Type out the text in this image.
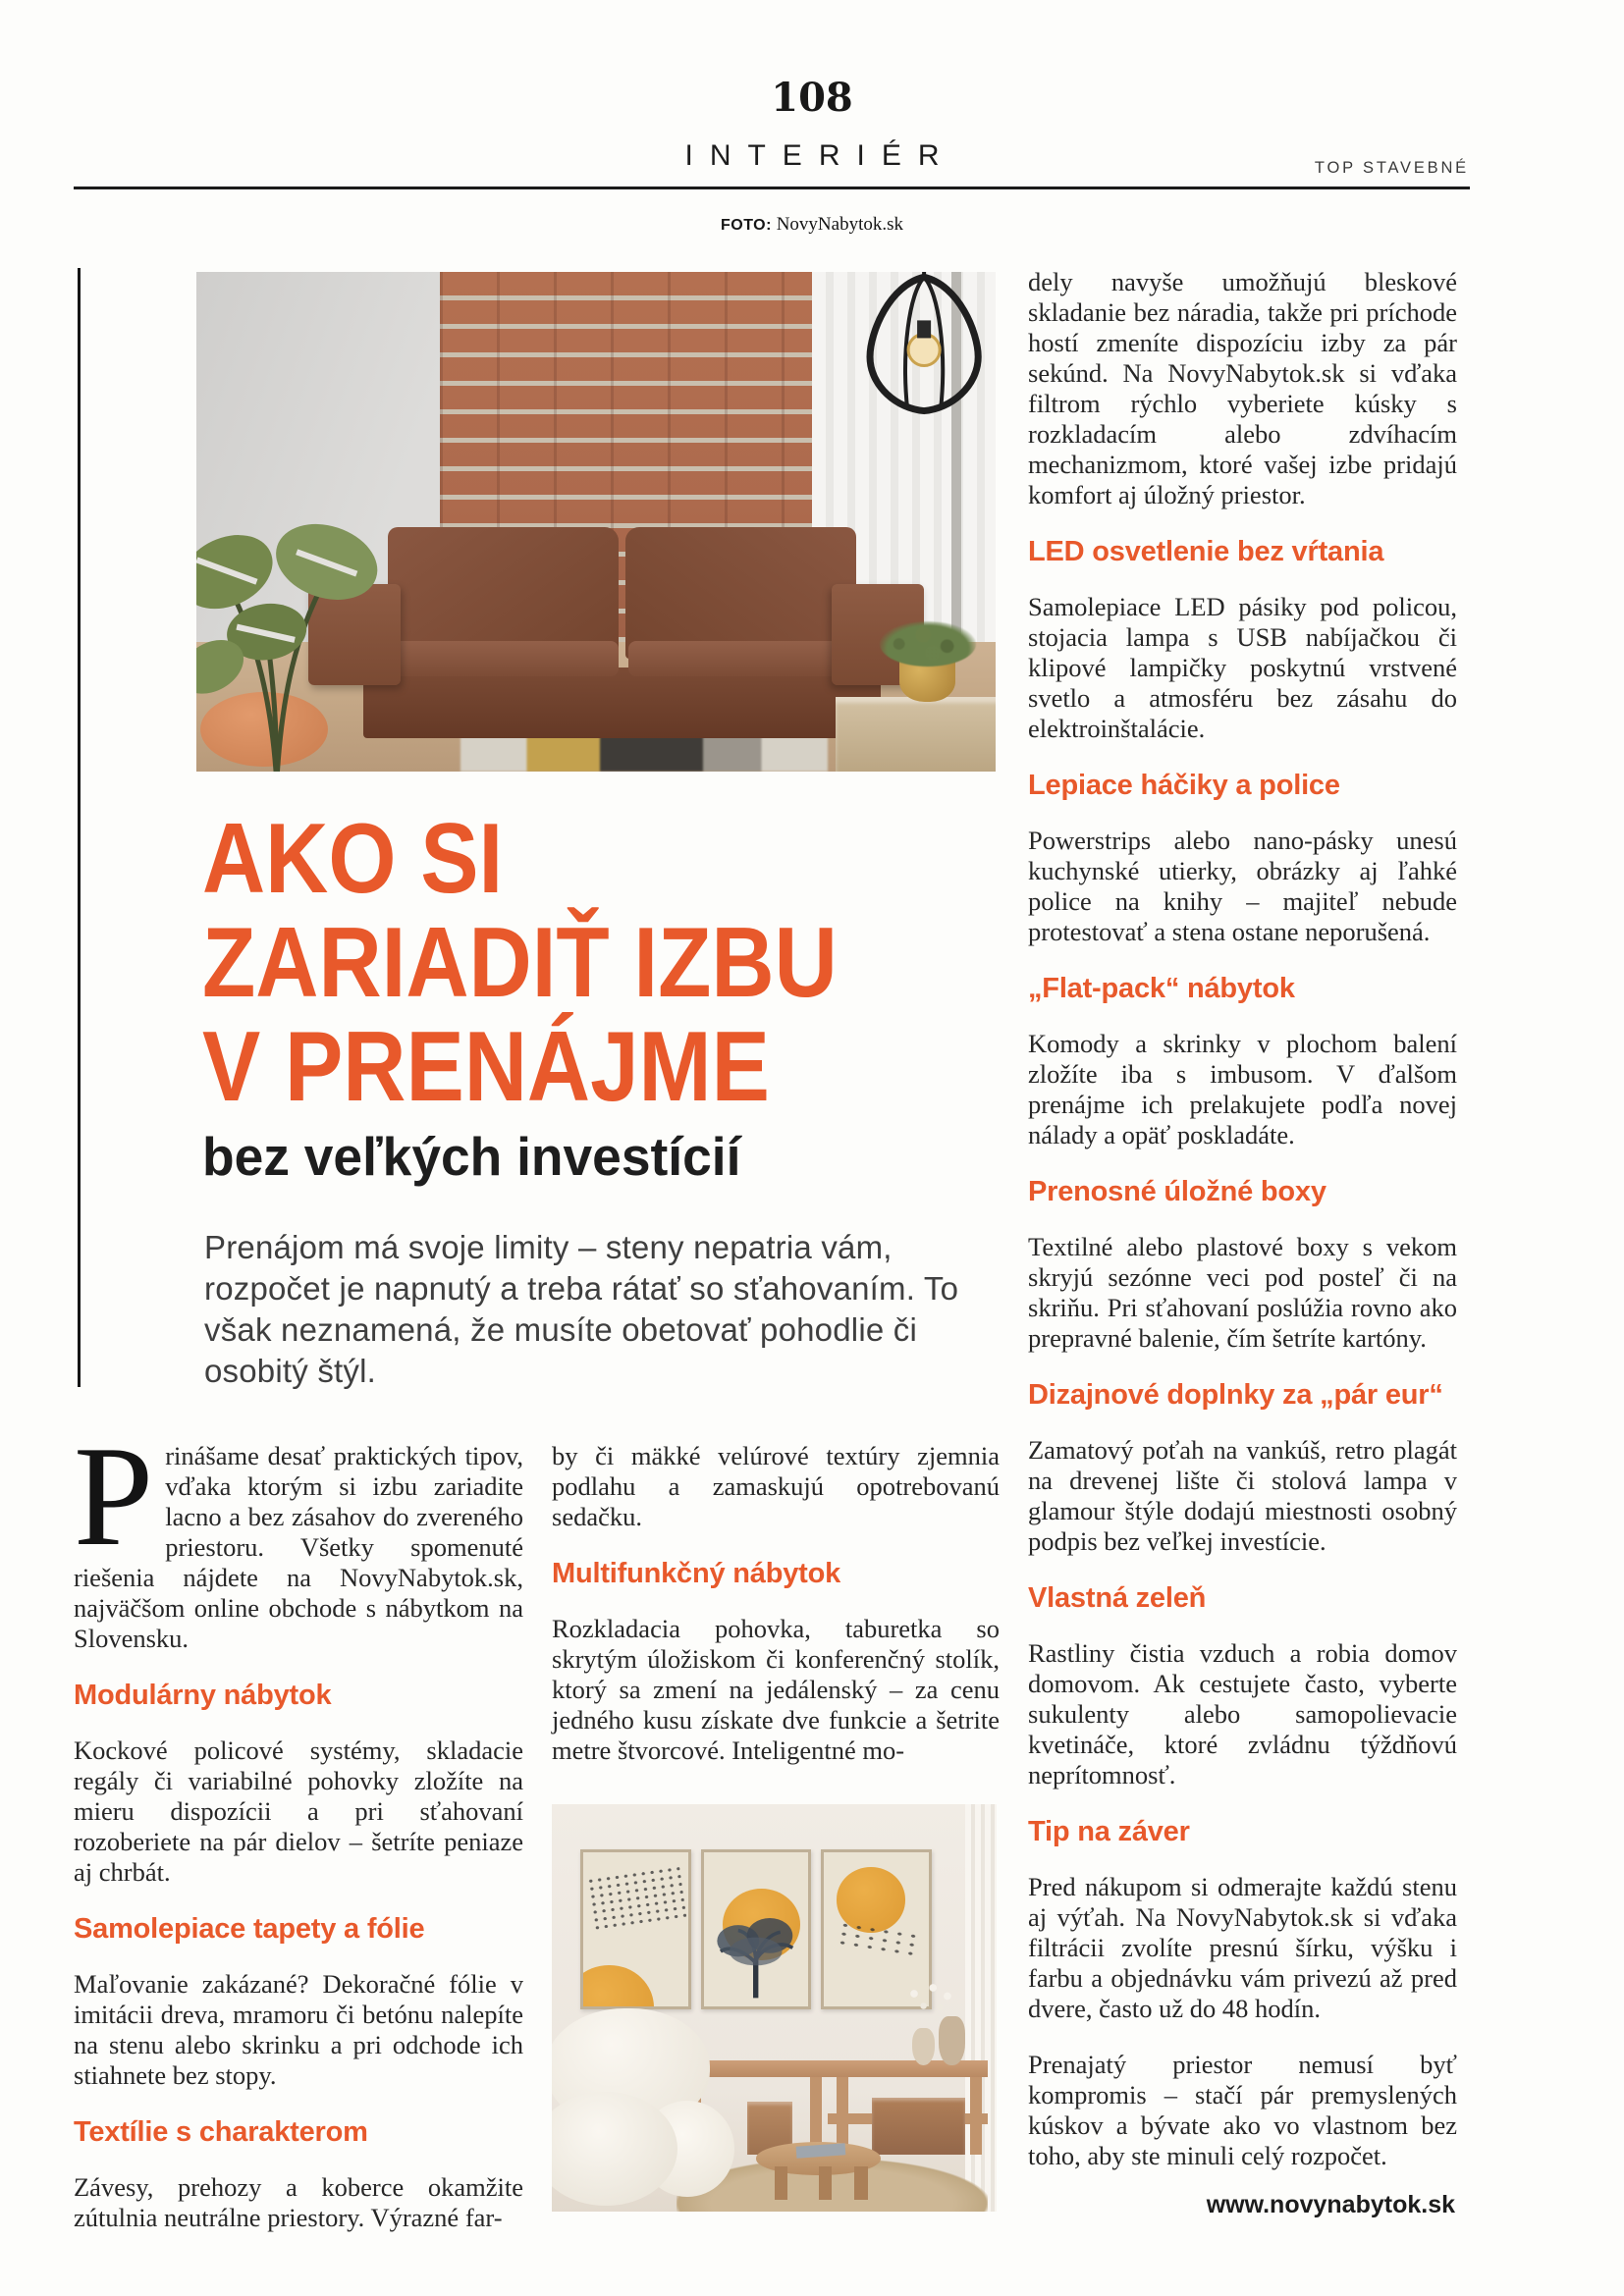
108
INTERIÉR	TOP STAVEBNÉ
FOTO: NovyNabytok.sk
AKO SI
ZARIADIŤ IZBU
V PRENÁJME
bez veľkých investícií
Prenájom má svoje limity – steny nepatria vám, rozpočet je napnutý a treba rátať so sťahovaním. To však neznamená, že musíte obetovať pohodlie či osobitý štýl.

Prinášame desať praktických tipov, vďaka ktorým si izbu zariadite lacno a bez zásahov do zvereného priestoru. Všetky spomenuté riešenia nájdete na NovyNabytok.sk, najväčšom online obchode s nábytkom na Slovensku.

Modulárny nábytok

Kockové policové systémy, skladacie regály či variabilné pohovky zložíte na mieru dispozícii a pri sťahovaní rozoberiete na pár dielov – šetríte peniaze aj chrbát.

Samolepiace tapety a fólie

Maľovanie zakázané? Dekoračné fólie v imitácii dreva, mramoru či betónu nalepíte na stenu alebo skrinku a pri odchode ich stiahnete bez stopy.

Textílie s charakterom

Závesy, prehozy a koberce okamžite zútulnia neutrálne priestory. Výrazné far-

by či mäkké velúrové textúry zjemnia podlahu a zamaskujú opotrebovanú sedačku.

Multifunkčný nábytok

Rozkladacia pohovka, taburetka so skrytým úložiskom či konferenčný stolík, ktorý sa zmení na jedálenský – za cenu jedného kusu získate dve funkcie a šetrite metre štvorcové. Inteligentné mo-

dely navyše umožňujú bleskové skladanie bez náradia, takže pri príchode hostí zmeníte dispozíciu izby za pár sekúnd. Na NovyNabytok.sk si vďaka filtrom rýchlo vyberiete kúsky s rozkladacím alebo zdvíhacím mechanizmom, ktoré vašej izbe pridajú komfort aj úložný priestor.

LED osvetlenie bez vŕtania

Samolepiace LED pásiky pod policou, stojacia lampa s USB nabíjačkou či klipové lampičky poskytnú vrstvené svetlo a atmosféru bez zásahu do elektroinštalácie.

Lepiace háčiky a police

Powerstrips alebo nano-pásky unesú kuchynské utierky, obrázky aj ľahké police na knihy – majiteľ nebude protestovať a stena ostane neporušená.

„Flat-pack“ nábytok

Komody a skrinky v plochom balení zložíte iba s imbusom. V ďalšom prenájme ich prelakujete podľa novej nálady a opäť poskladáte.

Prenosné úložné boxy

Textilné alebo plastové boxy s vekom skryjú sezónne veci pod posteľ či na skriňu. Pri sťahovaní poslúžia rovno ako prepravné balenie, čím šetríte kartóny.

Dizajnové doplnky za „pár eur“

Zamatový poťah na vankúš, retro plagát na drevenej lište či stolová lampa v glamour štýle dodajú miestnosti osobný podpis bez veľkej investície.

Vlastná zeleň

Rastliny čistia vzduch a robia domov domovom. Ak cestujete často, vyberte sukulenty alebo samopolievacie kvetináče, ktoré zvládnu týždňovú neprítomnosť.

Tip na záver

Pred nákupom si odmerajte každú stenu aj výťah. Na NovyNabytok.sk si vďaka filtrácii zvolíte presnú šírku, výšku i farbu a objednávku vám privezú až pred dvere, často už do 48 hodín.

Prenajatý priestor nemusí byť kompromis – stačí pár premyslených kúskov a bývate ako vo vlastnom bez toho, aby ste minuli celý rozpočet.

www.novynabytok.sk
